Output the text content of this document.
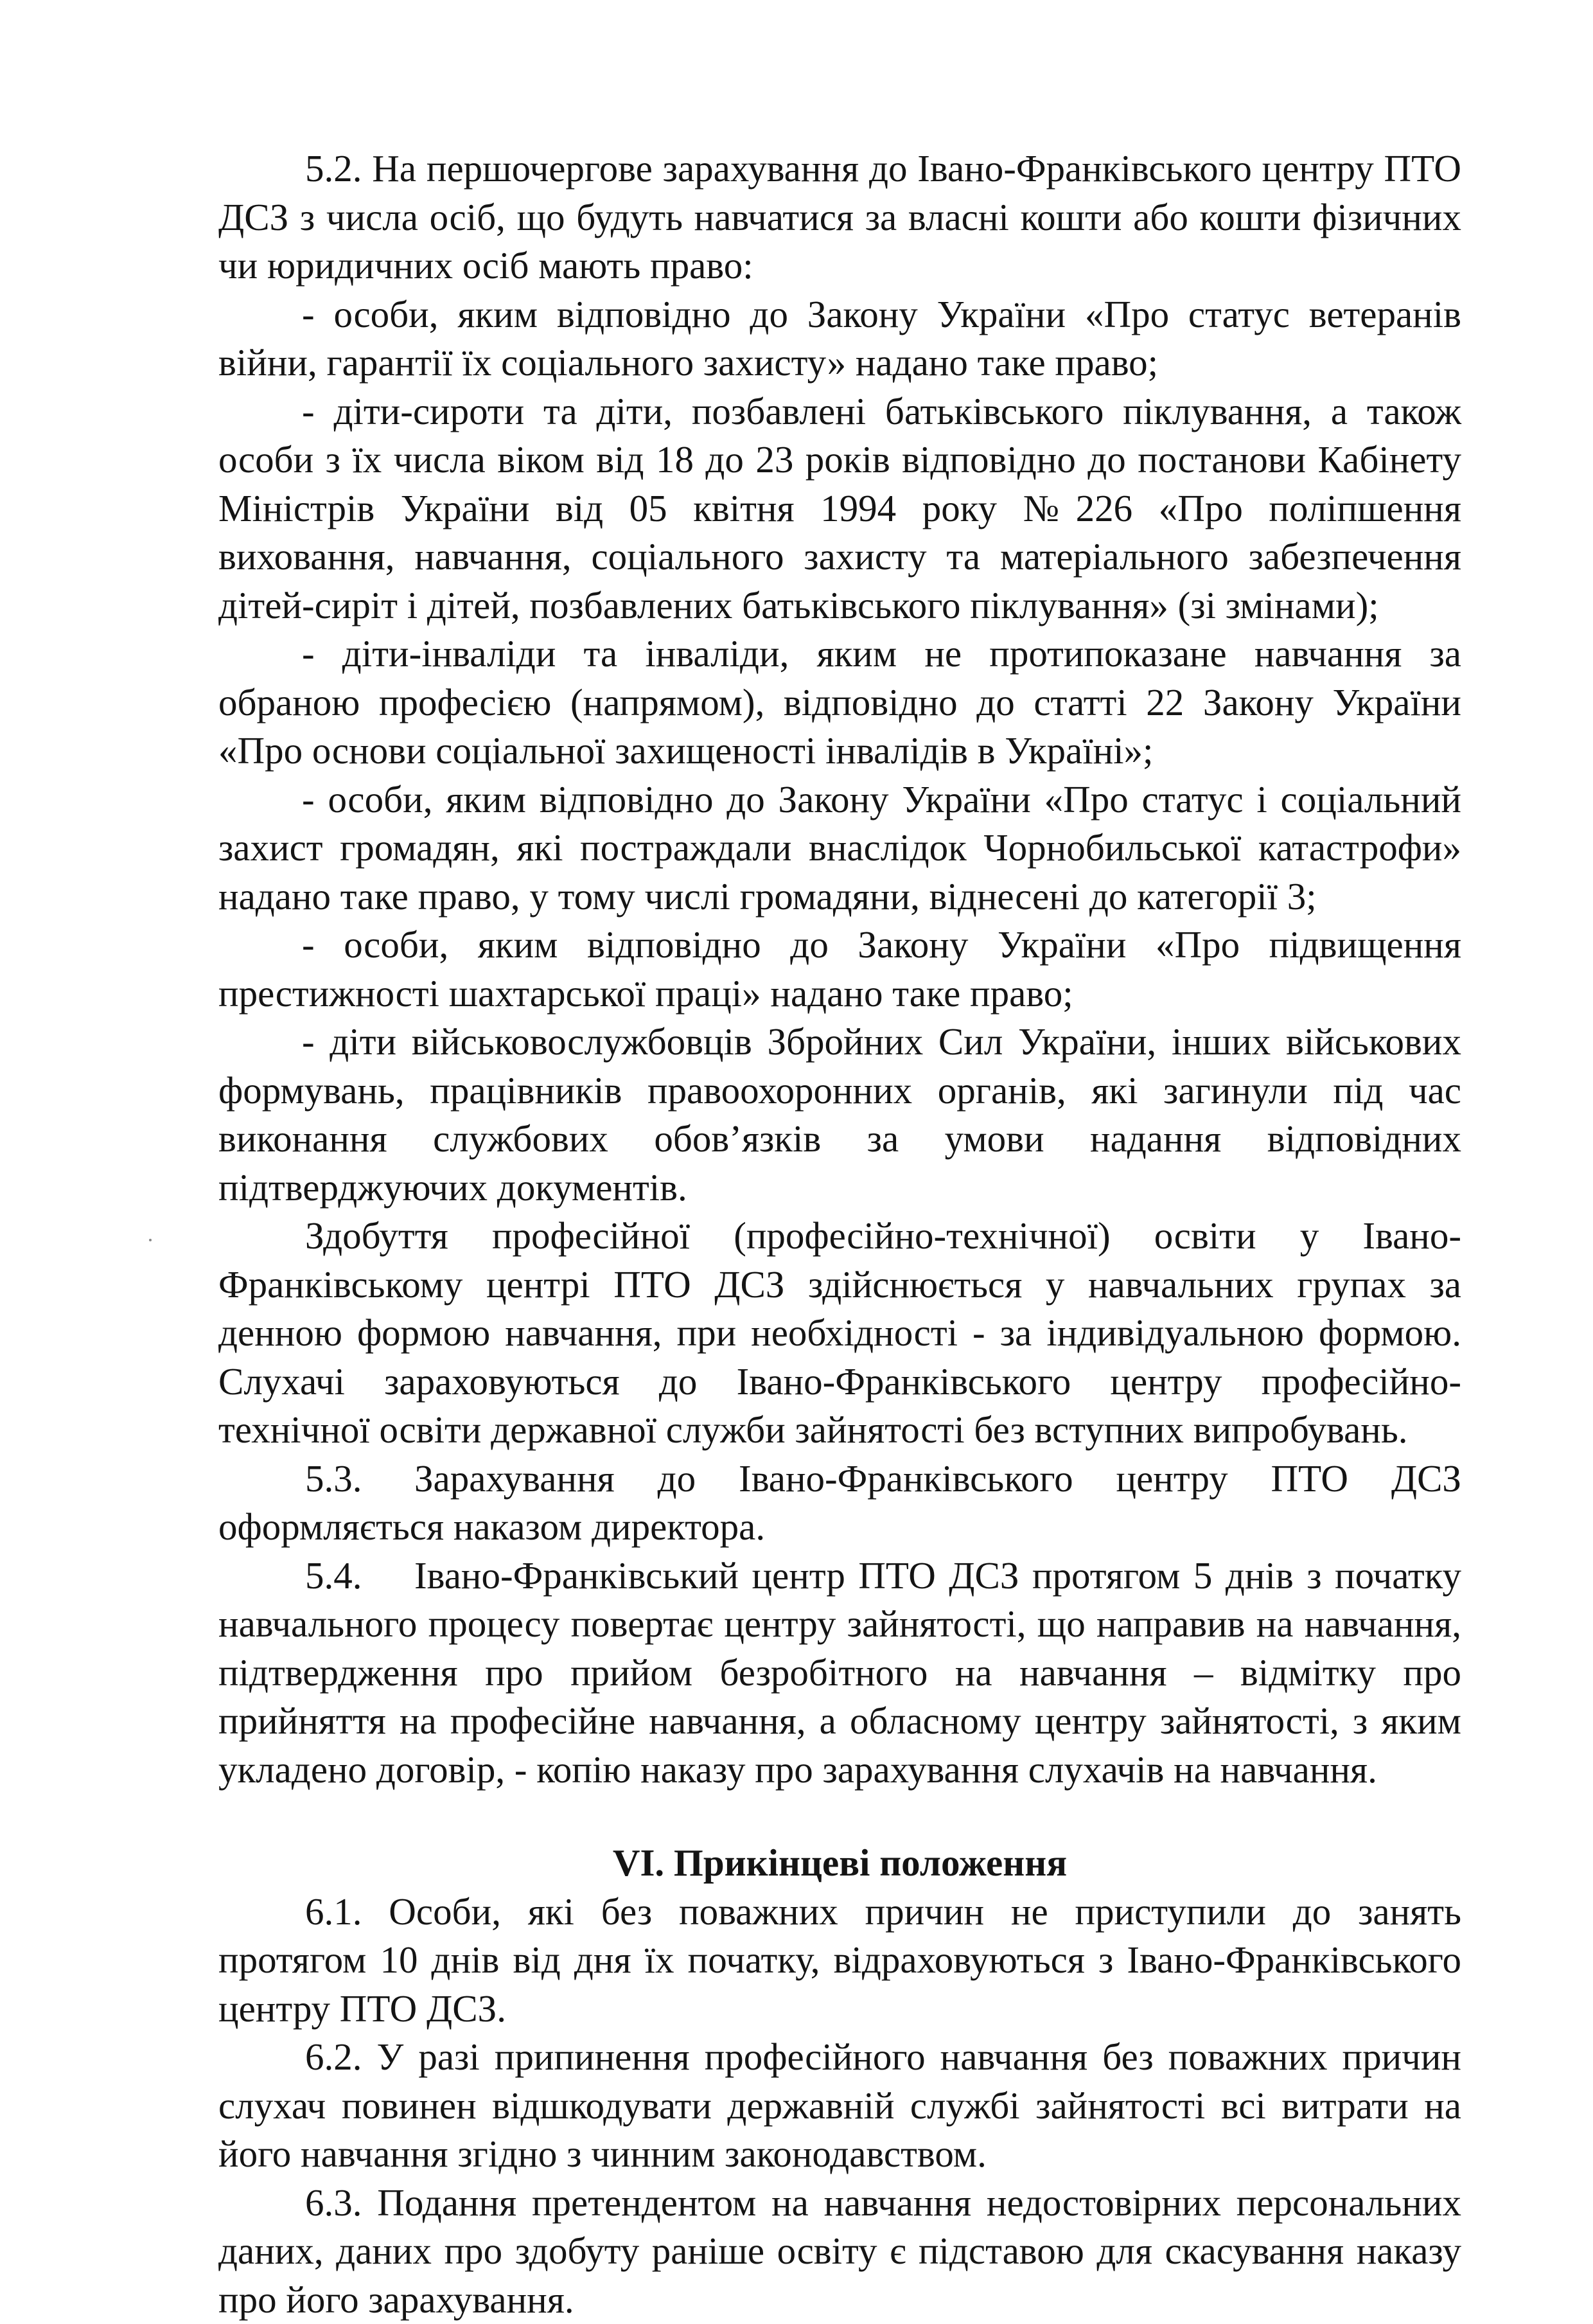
5.2. На першочергове зарахування до Івано-Франківського центру ПТО ДСЗ з числа осіб, що будуть навчатися за власні кошти або кошти фізичних чи юридичних осіб мають право:

- особи, яким відповідно до Закону України «Про статус ветеранів війни, гарантії їх соціального захисту» надано таке право;

- діти-сироти та діти, позбавлені батьківського піклування, а також особи з їх числа віком від 18 до 23 років відповідно до постанови Кабінету Міністрів України від 05 квітня 1994 року №226 «Про поліпшення виховання, навчання, соціального захисту та матеріального забезпечення дітей-сиріт і дітей, позбавлених батьківського піклування» (зі змінами);

- діти-інваліди та інваліди, яким не протипоказане навчання за обраною професією (напрямом), відповідно до статті 22 Закону України «Про основи соціальної захищеності інвалідів в Україні»;

- особи, яким відповідно до Закону України «Про статус і соціальний захист громадян, які постраждали внаслідок Чорнобильської катастрофи» надано таке право, у тому числі громадяни, віднесені до категорії 3;

- особи, яким відповідно до Закону України «Про підвищення престижності шахтарської праці» надано таке право;

- діти військовослужбовців Збройних Сил України, інших військових формувань, працівників правоохоронних органів, які загинули під час виконання службових обов’язків за умови надання відповідних підтверджуючих документів.

Здобуття професійної (професійно-технічної) освіти у Івано-Франківському центрі ПТО ДСЗ здійснюється у навчальних групах за денною формою навчання, при необхідності - за індивідуальною формою. Слухачі зараховуються до Івано-Франківського центру професійно-технічної освіти державної служби зайнятості без вступних випробувань.

5.3. Зарахування до Івано-Франківського центру ПТО ДСЗ оформляється наказом директора.

5.4. Івано-Франківський центр ПТО ДСЗ протягом 5 днів з початку навчального процесу повертає центру зайнятості, що направив на навчання, підтвердження про прийом безробітного на навчання – відмітку про прийняття на професійне навчання, а обласному центру зайнятості, з яким укладено договір, - копію наказу про зарахування слухачів на навчання.

VI. Прикінцеві положення

6.1. Особи, які без поважних причин не приступили до занять протягом 10 днів від дня їх початку, відраховуються з Івано-Франківського центру ПТО ДСЗ.

6.2. У разі припинення професійного навчання без поважних причин слухач повинен відшкодувати державній службі зайнятості всі витрати на його навчання згідно з чинним законодавством.

6.3. Подання претендентом на навчання недостовірних персональних даних, даних про здобуту раніше освіту є підставою для скасування наказу про його зарахування.
